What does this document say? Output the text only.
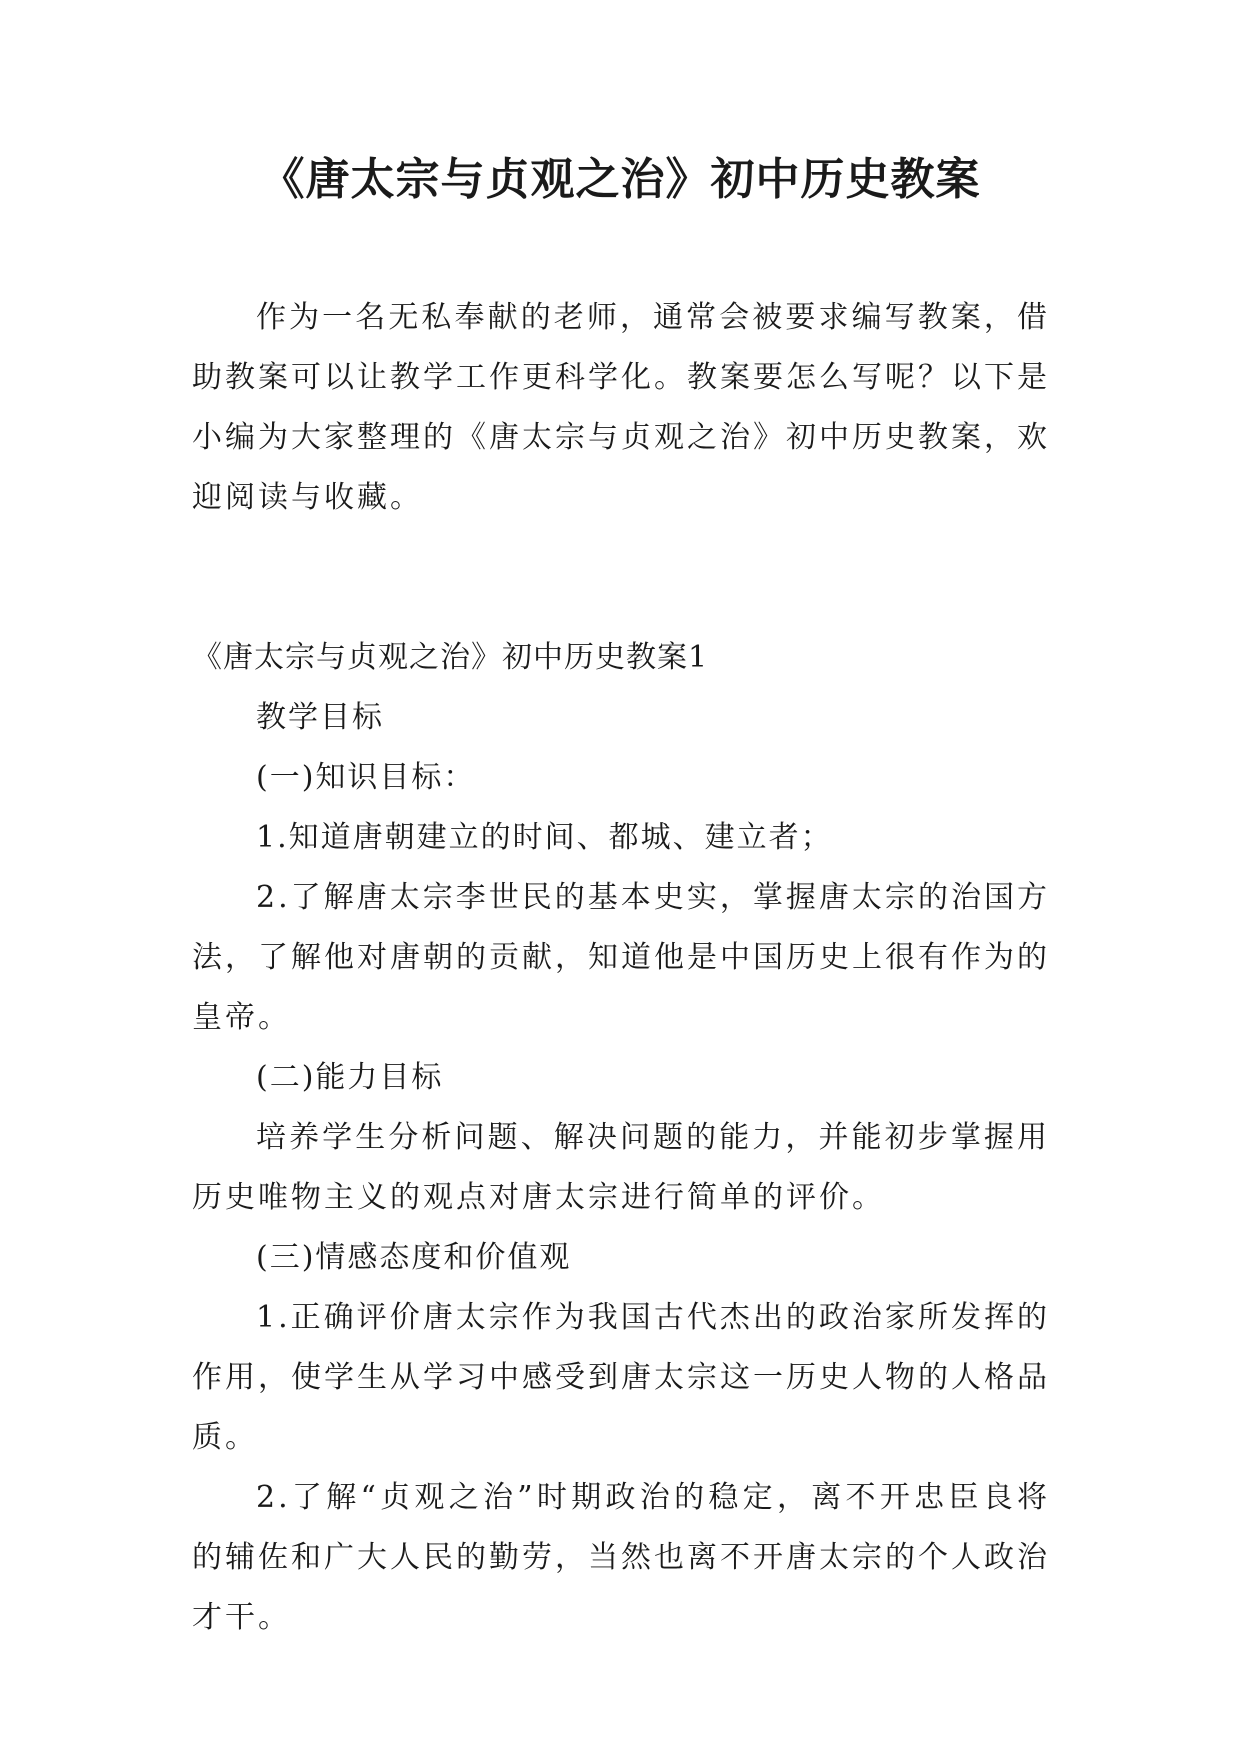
《唐太宗与贞观之治》初中历史教案

作为一名无私奉献的老师，通常会被要求编写教案，借助教案可以让教学工作更科学化。教案要怎么写呢？以下是小编为大家整理的《唐太宗与贞观之治》初中历史教案，欢迎阅读与收藏。

《唐太宗与贞观之治》初中历史教案1

教学目标

(一)知识目标：

1.知道唐朝建立的时间、都城、建立者；

2.了解唐太宗李世民的基本史实，掌握唐太宗的治国方法，了解他对唐朝的贡献，知道他是中国历史上很有作为的皇帝。

(二)能力目标

培养学生分析问题、解决问题的能力，并能初步掌握用历史唯物主义的观点对唐太宗进行简单的评价。

(三)情感态度和价值观

1.正确评价唐太宗作为我国古代杰出的政治家所发挥的作用，使学生从学习中感受到唐太宗这一历史人物的人格品质。

2.了解“贞观之治”时期政治的稳定，离不开忠臣良将的辅佐和广大人民的勤劳，当然也离不开唐太宗的个人政治才干。
